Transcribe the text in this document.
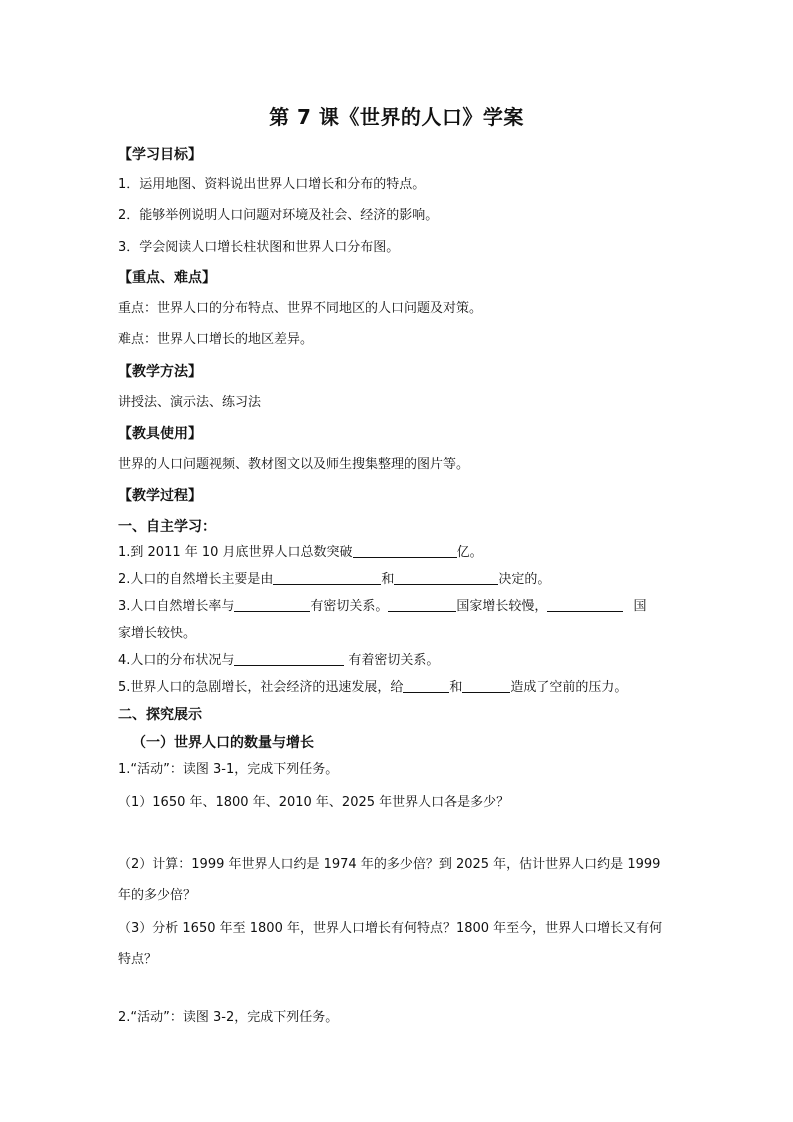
第 7 课《世界的人口》学案
【学习目标】
1．运用地图、资料说出世界人口增长和分布的特点。
2．能够举例说明人口问题对环境及社会、经济的影响。
3．学会阅读人口增长柱状图和世界人口分布图。
【重点、难点】
重点：世界人口的分布特点、世界不同地区的人口问题及对策。
难点：世界人口增长的地区差异。
【教学方法】
讲授法、演示法、练习法
【教具使用】
世界的人口问题视频、教材图文以及师生搜集整理的图片等。
【教学过程】
一、自主学习：
1.到 2011 年 10 月底世界人口总数突破	亿。
2.人口的自然增长主要是由	和	决定的。
3.人口自然增长率与	有密切关系。	国家增长较慢，	国
家增长较快。
4.人口的分布状况与	有着密切关系。
5.世界人口的急剧增长，社会经济的迅速发展，给	和	造成了空前的压力。
二、探究展示
（一）世界人口的数量与增长
1.“活动”：读图 3-1，完成下列任务。
（1）1650 年、1800 年、2010 年、2025 年世界人口各是多少？
（2）计算：1999 年世界人口约是 1974 年的多少倍？到 2025 年，估计世界人口约是 1999 年的多少倍？
（3）分析 1650 年至 1800 年，世界人口增长有何特点？1800 年至今，世界人口增长又有何特点？
2.“活动”：读图 3-2，完成下列任务。
